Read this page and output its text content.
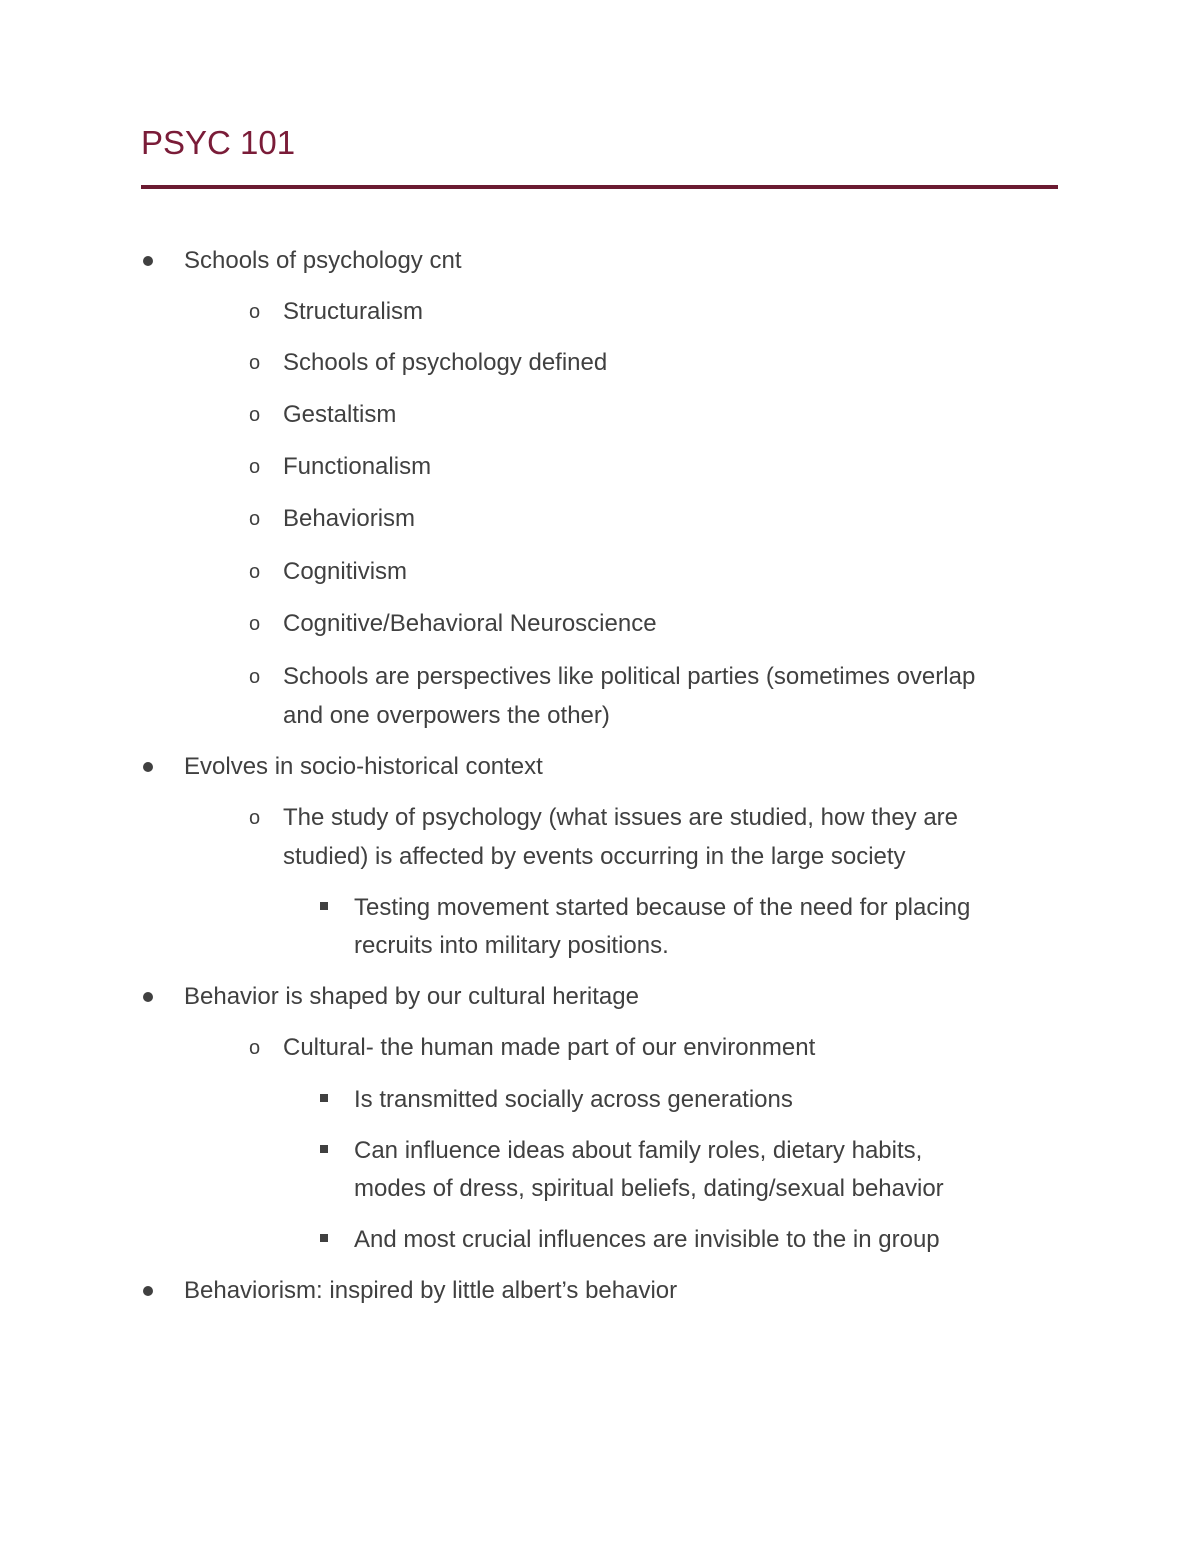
PSYC 101
Schools of psychology cnt
o Structuralism
o Schools of psychology defined
o Gestaltism
o Functionalism
o Behaviorism
o Cognitivism
o Cognitive/Behavioral Neuroscience
o Schools are perspectives like political parties (sometimes overlap
and one overpowers the other)
Evolves in socio-historical context
o The study of psychology (what issues are studied, how they are
studied) is affected by events occurring in the large society
Testing movement started because of the need for placing
recruits into military positions.
Behavior is shaped by our cultural heritage
o Cultural- the human made part of our environment
Is transmitted socially across generations
Can influence ideas about family roles, dietary habits,
modes of dress, spiritual beliefs, dating/sexual behavior
And most crucial influences are invisible to the in group
Behaviorism: inspired by little albert’s behavior
